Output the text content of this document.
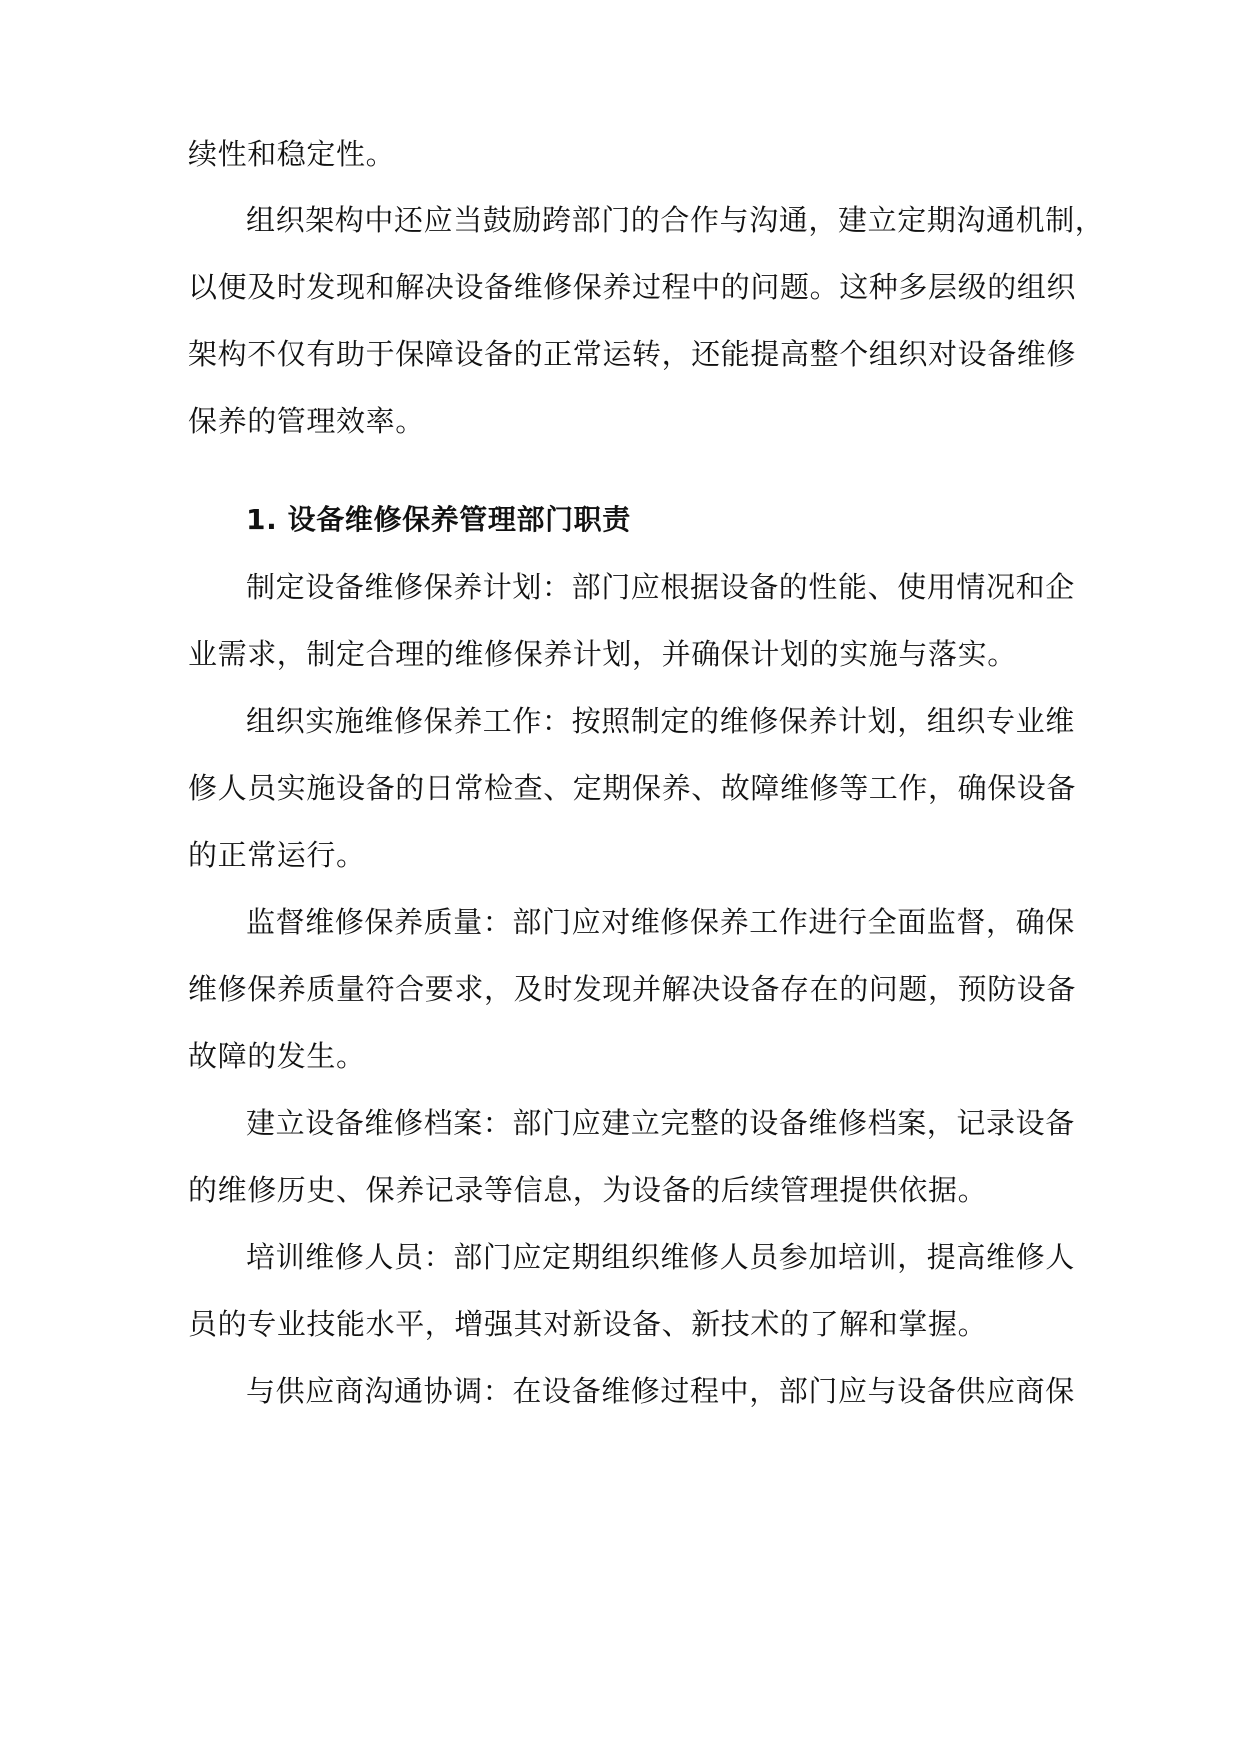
续性和稳定性。
组织架构中还应当鼓励跨部门的合作与沟通，建立定期沟通机制，
以便及时发现和解决设备维修保养过程中的问题。这种多层级的组织
架构不仅有助于保障设备的正常运转，还能提高整个组织对设备维修
保养的管理效率。
1. 设备维修保养管理部门职责
制定设备维修保养计划：部门应根据设备的性能、使用情况和企
业需求，制定合理的维修保养计划，并确保计划的实施与落实。
组织实施维修保养工作：按照制定的维修保养计划，组织专业维
修人员实施设备的日常检查、定期保养、故障维修等工作，确保设备
的正常运行。
监督维修保养质量：部门应对维修保养工作进行全面监督，确保
维修保养质量符合要求，及时发现并解决设备存在的问题，预防设备
故障的发生。
建立设备维修档案：部门应建立完整的设备维修档案，记录设备
的维修历史、保养记录等信息，为设备的后续管理提供依据。
培训维修人员：部门应定期组织维修人员参加培训，提高维修人
员的专业技能水平，增强其对新设备、新技术的了解和掌握。
与供应商沟通协调：在设备维修过程中，部门应与设备供应商保
